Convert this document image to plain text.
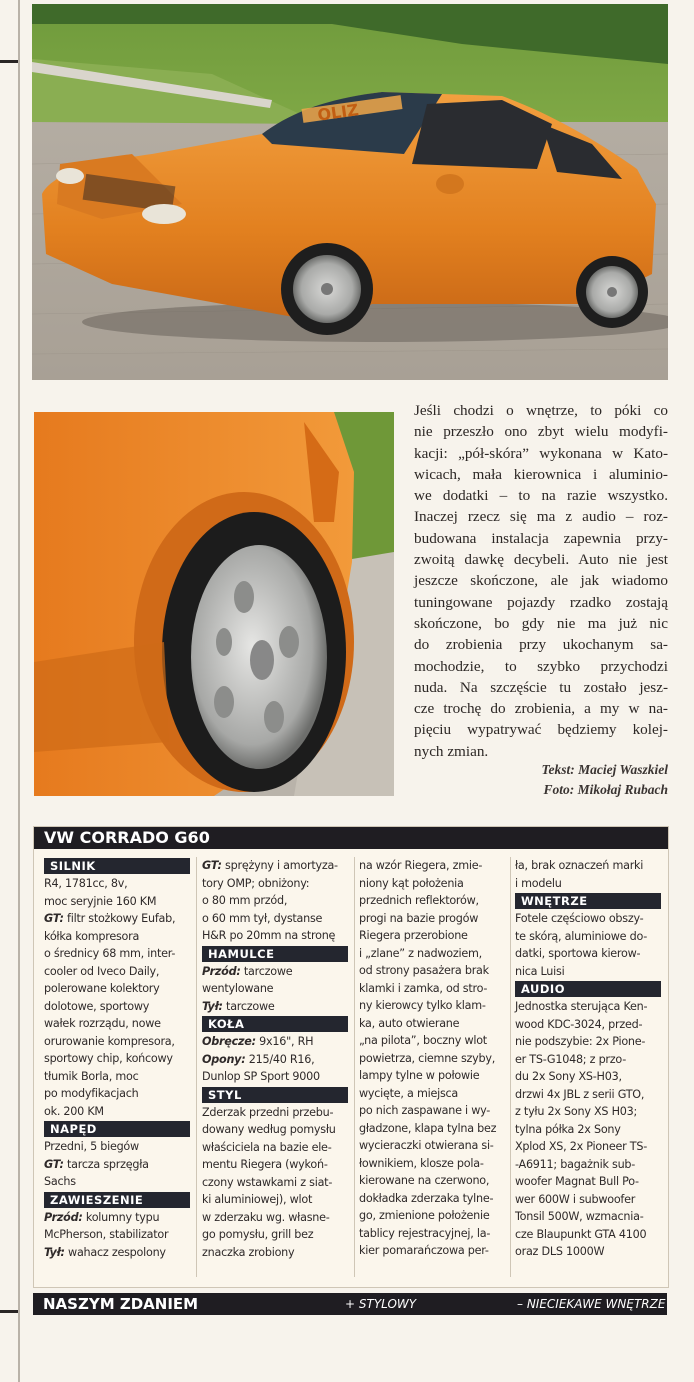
OLIZ
Jeśli chodzi o wnętrze, to póki co
nie przeszło ono zbyt wielu modyfi-
kacji: „pół-skóra” wykonana w Kato-
wicach, mała kierownica i aluminio-
we dodatki – to na razie wszystko.
Inaczej rzecz się ma z audio – roz-
budowana instalacja zapewnia przy-
zwoitą dawkę decybeli. Auto nie jest
jeszcze skończone, ale jak wiadomo
tuningowane pojazdy rzadko zostają
skończone, bo gdy nie ma już nic
do zrobienia przy ukochanym sa-
mochodzie, to szybko przychodzi
nuda. Na szczęście tu zostało jesz-
cze trochę do zrobienia, a my w na-
pięciu wypatrywać będziemy kolej-
nych zmian.
Tekst: Maciej Waszkiel
Foto: Mikołaj Rubach
VW CORRADO G60
SILNIK
R4, 1781cc, 8v,
moc seryjnie 160 KM
GT: filtr stożkowy Eufab,
kółka kompresora
o średnicy 68 mm, inter-
cooler od Iveco Daily,
polerowane kolektory
dolotowe, sportowy
wałek rozrządu, nowe
orurowanie kompresora,
sportowy chip, końcowy
tłumik Borla, moc
po modyfikacjach
ok. 200 KM
NAPĘD
Przedni, 5 biegów
GT: tarcza sprzęgła
Sachs
ZAWIESZENIE
Przód: kolumny typu
McPherson, stabilizator
Tył: wahacz zespolony
GT: sprężyny i amortyza-
tory OMP; obniżony:
o 80 mm przód,
o 60 mm tył, dystanse
H&R po 20mm na stronę
HAMULCE
Przód: tarczowe
wentylowane
Tył: tarczowe
KOŁA
Obręcze: 9x16", RH
Opony: 215/40 R16,
Dunlop SP Sport 9000
STYL
Zderzak przedni przebu-
dowany według pomysłu
właściciela na bazie ele-
mentu Riegera (wykoń-
czony wstawkami z siat-
ki aluminiowej), wlot
w zderzaku wg. własne-
go pomysłu, grill bez
znaczka zrobiony
na wzór Riegera, zmie-
niony kąt położenia
przednich reflektorów,
progi na bazie progów
Riegera przerobione
i „zlane” z nadwoziem,
od strony pasażera brak
klamki i zamka, od stro-
ny kierowcy tylko klam-
ka, auto otwierane
„na pilota”, boczny wlot
powietrza, ciemne szyby,
lampy tylne w połowie
wycięte, a miejsca
po nich zaspawane i wy-
gładzone, klapa tylna bez
wycieraczki otwierana si-
łownikiem, klosze pola-
kierowane na czerwono,
dokładka zderzaka tylne-
go, zmienione położenie
tablicy rejestracyjnej, la-
kier pomarańczowa per-
ła, brak oznaczeń marki
i modelu
WNĘTRZE
Fotele częściowo obszy-
te skórą, aluminiowe do-
datki, sportowa kierow-
nica Luisi
AUDIO
Jednostka sterująca Ken-
wood KDC-3024, przed-
nie podszybie: 2x Pione-
er TS-G1048; z przo-
du 2x Sony XS-H03,
drzwi 4x JBL z serii GTO,
z tyłu 2x Sony XS H03;
tylna półka 2x Sony
Xplod XS, 2x Pioneer TS-
-A6911; bagażnik sub-
woofer Magnat Bull Po-
wer 600W i subwoofer
Tonsil 500W, wzmacnia-
cze Blaupunkt GTA 4100
oraz DLS 1000W
NASZYM ZDANIEM	+ STYLOWY	– NIECIEKAWE WNĘTRZE
